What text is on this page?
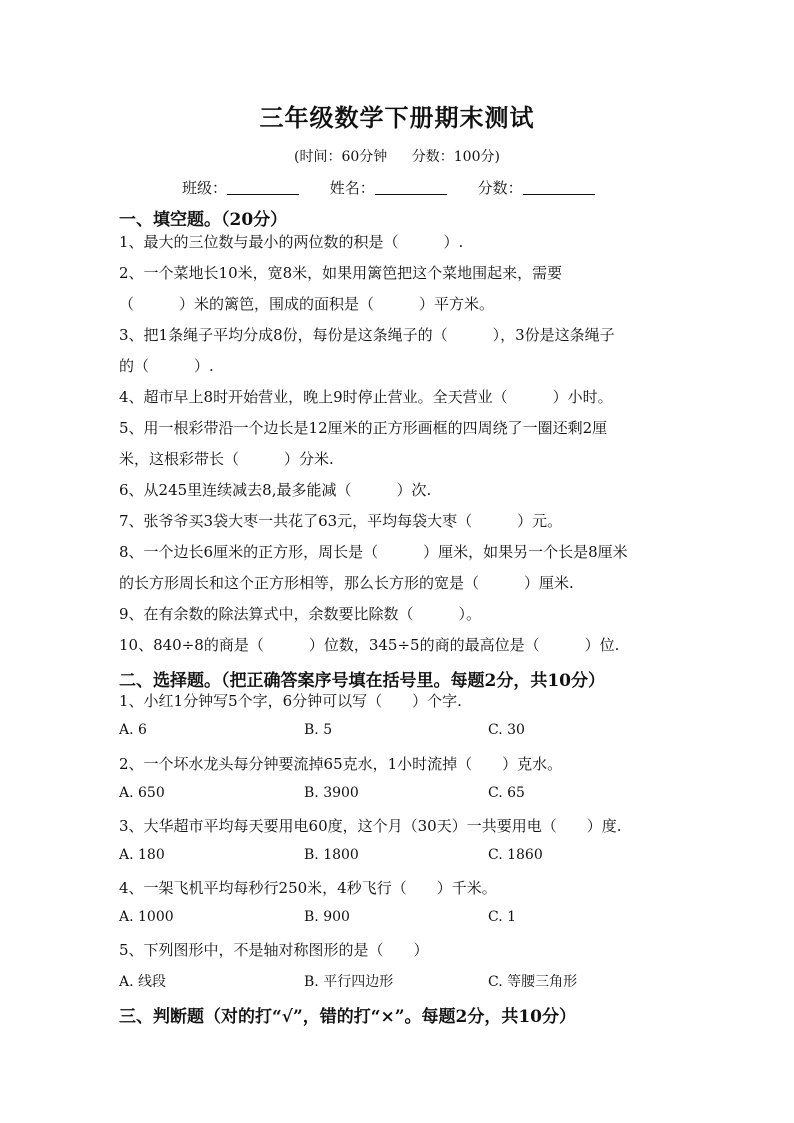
三年级数学下册期末测试
(时间：60分钟 分数：100分)
班级：	姓名：	分数：
一、填空题。（20分）
1、最大的三位数与最小的两位数的积是（　　　）.
2、一个菜地长10米，宽8米，如果用篱笆把这个菜地围起来，需要
（　　　）米的篱笆，围成的面积是（　　　）平方米。
3、把1条绳子平均分成8份，每份是这条绳子的（　　　），3份是这条绳子
的（　　　）.
4、超市早上8时开始营业，晚上9时停止营业。全天营业（　　　）小时。
5、用一根彩带沿一个边长是12厘米的正方形画框的四周绕了一圈还剩2厘
米，这根彩带长（　　　）分米.
6、从245里连续减去8,最多能减（　　　）次.
7、张爷爷买3袋大枣一共花了63元，平均每袋大枣（　　　）元。
8、一个边长6厘米的正方形，周长是（　　　）厘米，如果另一个长是8厘米
的长方形周长和这个正方形相等，那么长方形的宽是（　　　）厘米.
9、在有余数的除法算式中，余数要比除数（　　　）。
10、840÷8的商是（　　　）位数，345÷5的商的最高位是（　　　）位.
二、选择题。（把正确答案序号填在括号里。每题2分，共10分）
1、小红1分钟写5个字，6分钟可以写（　　）个字.
A. 6	B. 5	C. 30
2、一个坏水龙头每分钟要流掉65克水，1小时流掉（　　）克水。
A. 650	B. 3900	C. 65
3、大华超市平均每天要用电60度，这个月（30天）一共要用电（　　）度.
A. 180	B. 1800	C. 1860
4、一架飞机平均每秒行250米，4秒飞行（　　）千米。
A. 1000	B. 900	C. 1
5、下列图形中，不是轴对称图形的是（　　）
A. 线段	B. 平行四边形	C. 等腰三角形
三、判断题（对的打“√”，错的打“×”。每题2分，共10分）
